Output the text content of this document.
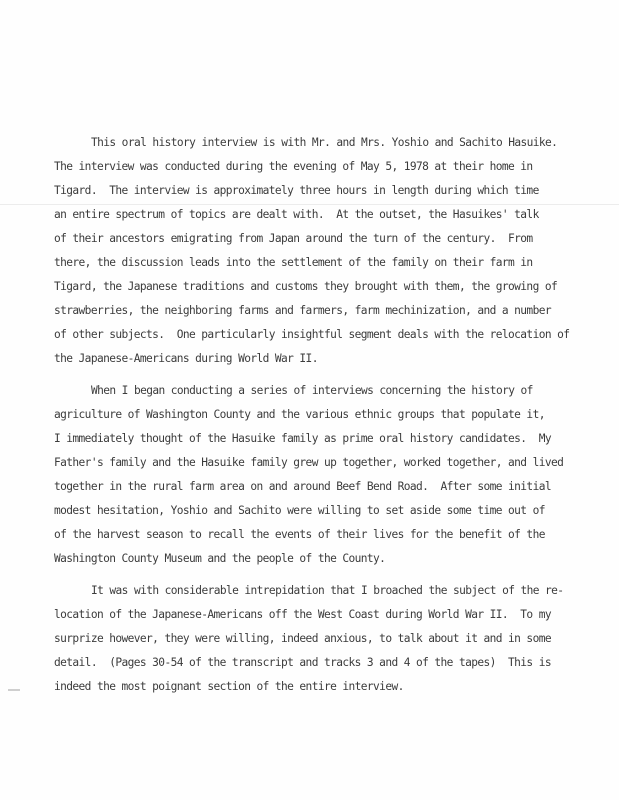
This oral history interview is with Mr. and Mrs. Yoshio and Sachito Hasuike.
The interview was conducted during the evening of May 5, 1978 at their home in
Tigard.  The interview is approximately three hours in length during which time
an entire spectrum of topics are dealt with.  At the outset, the Hasuikes' talk
of their ancestors emigrating from Japan around the turn of the century.  From
there, the discussion leads into the settlement of the family on their farm in
Tigard, the Japanese traditions and customs they brought with them, the growing of
strawberries, the neighboring farms and farmers, farm mechinization, and a number
of other subjects.  One particularly insightful segment deals with the relocation of
the Japanese-Americans during World War II.
When I began conducting a series of interviews concerning the history of
agriculture of Washington County and the various ethnic groups that populate it,
I immediately thought of the Hasuike family as prime oral history candidates.  My
Father's family and the Hasuike family grew up together, worked together, and lived
together in the rural farm area on and around Beef Bend Road.  After some initial
modest hesitation, Yoshio and Sachito were willing to set aside some time out of
of the harvest season to recall the events of their lives for the benefit of the
Washington County Museum and the people of the County.
It was with considerable intrepidation that I broached the subject of the re-
location of the Japanese-Americans off the West Coast during World War II.  To my
surprize however, they were willing, indeed anxious, to talk about it and in some
detail.  (Pages 30-54 of the transcript and tracks 3 and 4 of the tapes)  This is
indeed the most poignant section of the entire interview.
